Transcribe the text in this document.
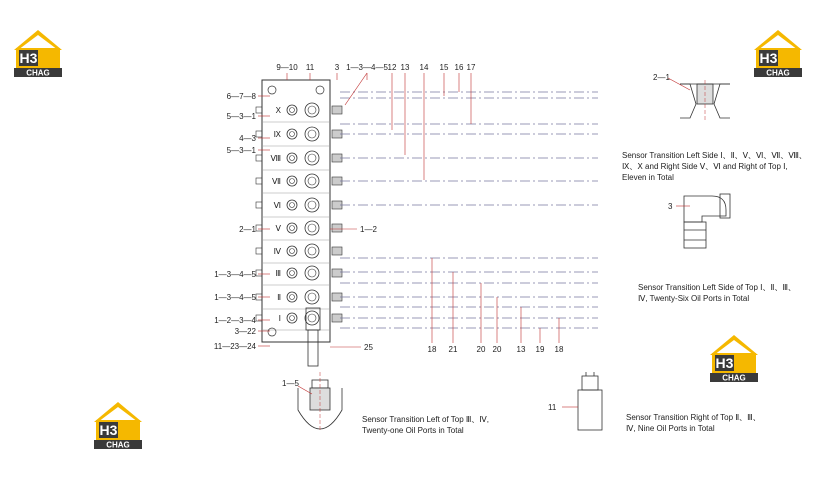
H3
CHAG
H3
CHAG
H3
CHAG
H3
CHAG
X
Ⅸ
Ⅷ
Ⅶ
Ⅵ
Ⅴ
Ⅳ
Ⅲ
Ⅱ
Ⅰ
9—10 11	3 1—3—4—5 12 13 14 15 16 17
6—7—8
5—3—1
4—3
5—3—1
2—1
1—3—4—5
1—3—4—5
1—2—3—4
3—22
11—23—24
1—2
25	18 21 20 20 13 19 18
2—1
3
1—5
11
Sensor Transition Left Side Ⅰ、Ⅱ、Ⅴ、Ⅵ、Ⅶ、Ⅷ、Ⅸ、Ⅹ and Right Side Ⅴ、Ⅵ and Right of Top Ⅰ, Eleven in Total
Sensor Transition Left Side of Top Ⅰ、Ⅱ、Ⅲ、Ⅳ, Twenty-Six Oil Ports in Total
Sensor Transition Left of Top Ⅲ、Ⅳ, Twenty-one Oil Ports in Total
Sensor Transition Right of Top Ⅱ、Ⅲ、Ⅳ, Nine Oil Ports in Total
